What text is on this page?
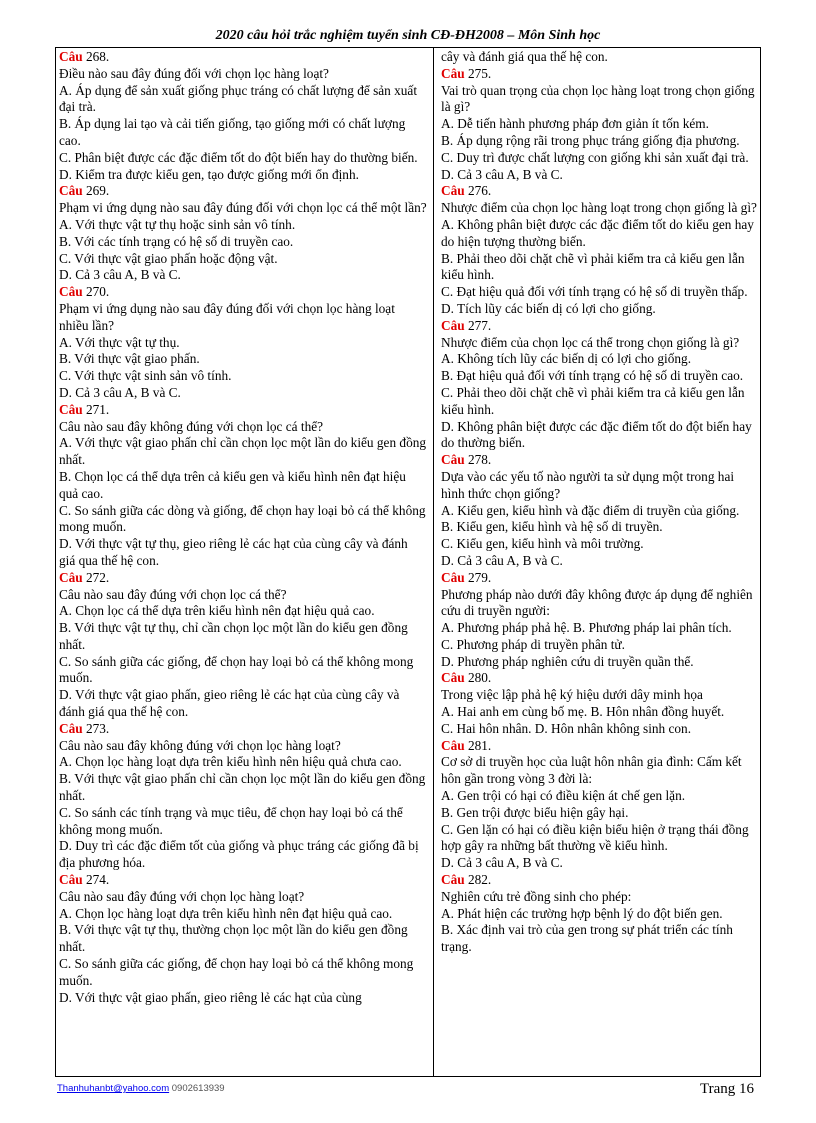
2020 câu hỏi trắc nghiệm tuyển sinh CĐ-ĐH2008 – Môn Sinh học
Câu 268.
Điều nào sau đây đúng đối với chọn lọc hàng loạt?
A. Áp dụng để sản xuất giống phục tráng có chất lượng để sản xuất đại trà.
B. Áp dụng lai tạo và cải tiến giống, tạo giống mới có chất lượng cao.
C. Phân biệt được các đặc điểm tốt do đột biến hay do thường biến.
D. Kiểm tra được kiểu gen, tạo được giống mới ổn định.
Câu 269.
Phạm vi ứng dụng nào sau đây đúng đối với chọn lọc cá thể một lần?
A. Với thực vật tự thụ hoặc sinh sản vô tính.
B. Với các tính trạng có hệ số di truyền cao.
C. Với thực vật giao phấn hoặc động vật.
D. Cả 3 câu A, B và C.
Câu 270.
Phạm vi ứng dụng nào sau đây đúng đối với chọn lọc hàng loạt nhiều lần?
A. Với thực vật tự thụ.
B. Với thực vật giao phấn.
C. Với thực vật sinh sản vô tính.
D. Cả 3 câu A, B và C.
Câu 271.
Câu nào sau đây không đúng với chọn lọc cá thể?
A. Với thực vật giao phấn chỉ cần chọn lọc một lần do kiểu gen đồng nhất.
B. Chọn lọc cá thể dựa trên cả kiểu gen và kiểu hình nên đạt hiệu quả cao.
C. So sánh giữa các dòng và giống, để chọn hay loại bỏ cá thể không mong muốn.
D. Với thực vật tự thụ, gieo riêng lẻ các hạt của cùng cây và đánh giá qua thế hệ con.
Câu 272.
Câu nào sau đây đúng với chọn lọc cá thể?
A. Chọn lọc cá thể dựa trên kiểu hình nên đạt hiệu quả cao.
B. Với thực vật tự thụ, chỉ cần chọn lọc một lần do kiểu gen đồng nhất.
C. So sánh giữa các giống, để chọn hay loại bỏ cá thể không mong muốn.
D. Với thực vật giao phấn, gieo riêng lẻ các hạt của cùng cây và đánh giá qua thế hệ con.
Câu 273.
Câu nào sau đây không đúng với chọn lọc hàng loạt?
A. Chọn lọc hàng loạt dựa trên kiểu hình nên hiệu quả chưa cao.
B. Với thực vật giao phấn chỉ cần chọn lọc một lần do kiểu gen đồng nhất.
C. So sánh các tính trạng và mục tiêu, để chọn hay loại bỏ cá thể không mong muốn.
D. Duy trì các đặc điểm tốt của giống và phục tráng các giống đã bị địa phương hóa.
Câu 274.
Câu nào sau đây đúng với chọn lọc hàng loạt?
A. Chọn lọc hàng loạt dựa trên kiểu hình nên đạt hiệu quả cao.
B. Với thực vật tự thụ, thường chọn lọc một lần do kiểu gen đồng nhất.
C. So sánh giữa các giống, để chọn hay loại bỏ cá thể không mong muốn.
D. Với thực vật giao phấn, gieo riêng lẻ các hạt của cùng
cây và đánh giá qua thế hệ con.
Câu 275.
Vai trò quan trọng của chọn lọc hàng loạt trong chọn giống là gì?
A. Dễ tiến hành phương pháp đơn giản ít tốn kém.
B. Áp dụng rộng rãi trong phục tráng giống địa phương.
C. Duy trì được chất lượng con giống khi sản xuất đại trà.
D. Cả 3 câu A, B và C.
Câu 276.
Nhược điểm của chọn lọc hàng loạt trong chọn giống là gì?
A. Không phân biệt được các đặc điểm tốt do kiểu gen hay do hiện tượng thường biến.
B. Phải theo dõi chặt chẽ vì phải kiểm tra cả kiểu gen lẫn kiểu hình.
C. Đạt hiệu quả đối với tính trạng có hệ số di truyền thấp.
D. Tích lũy các biến dị có lợi cho giống.
Câu 277.
Nhược điểm của chọn lọc cá thể trong chọn giống là gì?
A. Không tích lũy các biến dị có lợi cho giống.
B. Đạt hiệu quả đối với tính trạng có hệ số di truyền cao.
C. Phải theo dõi chặt chẽ vì phải kiểm tra cả kiểu gen lẫn kiểu hình.
D. Không phân biệt được các đặc điểm tốt do đột biến hay do thường biến.
Câu 278.
Dựa vào các yếu tố nào người ta sử dụng một trong hai hình thức chọn giống?
A. Kiểu gen, kiểu hình và đặc điểm di truyền của giống.
B. Kiểu gen, kiểu hình và hệ số di truyền.
C. Kiểu gen, kiểu hình và môi trường.
D. Cả 3 câu A, B và C.
Câu 279.
Phương pháp nào dưới đây không được áp dụng để nghiên cứu di truyền người:
A. Phương pháp phả hệ. B. Phương pháp lai phân tích.
C. Phương pháp di truyền phân tử.
D. Phương pháp nghiên cứu di truyền quần thể.
Câu 280.
Trong việc lập phả hệ ký hiệu dưới dây minh họa
A. Hai anh em cùng bố mẹ. B. Hôn nhân đồng huyết.
C. Hai hôn nhân. D. Hôn nhân không sinh con.
Câu 281.
Cơ sở di truyền học của luật hôn nhân gia đình: Cấm kết hôn gần trong vòng 3 đời là:
A. Gen trội có hại có điều kiện át chế gen lặn.
B. Gen trội được biểu hiện gây hại.
C. Gen lặn có hại có điều kiện biểu hiện ở trạng thái đồng hợp gây ra những bất thường về kiểu hình.
D. Cả 3 câu A, B và C.
Câu 282.
Nghiên cứu trẻ đồng sinh cho phép:
A. Phát hiện các trường hợp bệnh lý do đột biến gen.
B. Xác định vai trò của gen trong sự phát triển các tính trạng.
Thanhuhanbt@yahoo.com 0902613939	Trang 16
